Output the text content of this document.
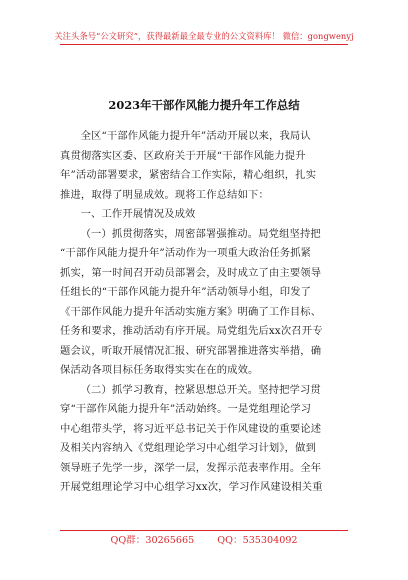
关注头条号“公文研究”，获得最新最全最专业的公文资料库！ 微信：gongwenyj
2023年干部作风能力提升年工作总结
全区“干部作风能力提升年”活动开展以来，我局认
真贯彻落实区委、区政府关于开展“干部作风能力提升
年”活动部署要求，紧密结合工作实际，精心组织，扎实
推进，取得了明显成效。现将工作总结如下：
一、工作开展情况及成效
（一）抓贯彻落实，周密部署强推动。局党组坚持把
“干部作风能力提升年”活动作为一项重大政治任务抓紧
抓实，第一时间召开动员部署会，及时成立了由主要领导
任组长的“干部作风能力提升年”活动领导小组，印发了
《干部作风能力提升年活动实施方案》明确了工作目标、
任务和要求，推动活动有序开展。局党组先后xx次召开专
题会议，听取开展情况汇报、研究部署推进落实举措，确
保活动各项目标任务取得实实在在的成效。
（二）抓学习教育，控紧思想总开关。坚持把学习贯
穿“干部作风能力提升年”活动始终。一是党组理论学习
中心组带头学，将习近平总书记关于作风建设的重要论述
及相关内容纳入《党组理论学习中心组学习计划》，做到
领导班子先学一步，深学一层，发挥示范表率作用。全年
开展党组理论学习中心组学习xx次，学习作风建设相关重
QQ群：30265665 QQ：535304092
